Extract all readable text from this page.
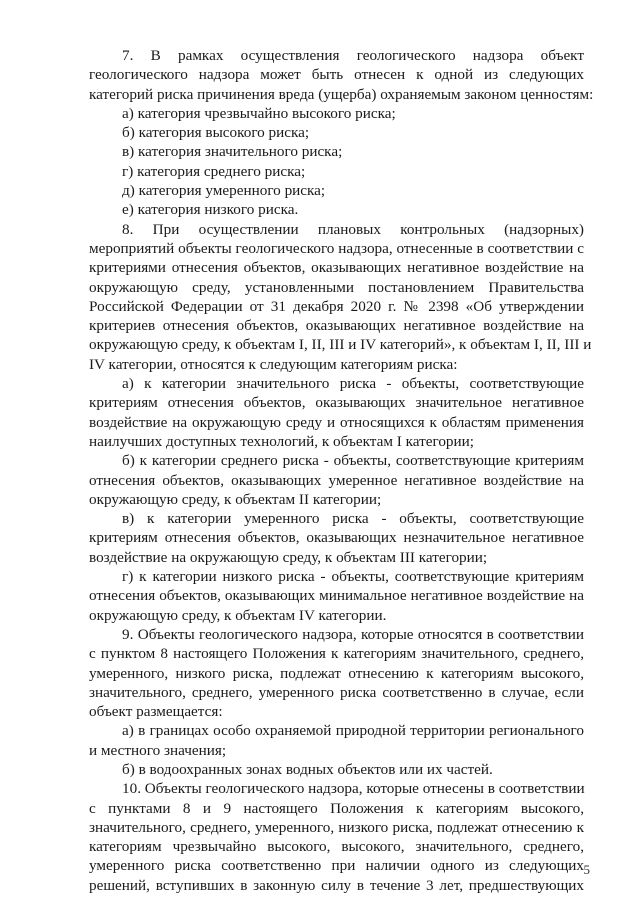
7. В рамках осуществления геологического надзора объект
геологического надзора может быть отнесен к одной из следующих
категорий риска причинения вреда (ущерба) охраняемым законом ценностям:
а) категория чрезвычайно высокого риска;
б) категория высокого риска;
в) категория значительного риска;
г) категория среднего риска;
д) категория умеренного риска;
е) категория низкого риска.
8. При осуществлении плановых контрольных (надзорных)
мероприятий объекты геологического надзора, отнесенные в соответствии с
критериями отнесения объектов, оказывающих негативное воздействие на
окружающую среду, установленными постановлением Правительства
Российской Федерации от 31 декабря 2020 г. № 2398 «Об утверждении
критериев отнесения объектов, оказывающих негативное воздействие на
окружающую среду, к объектам I, II, III и IV категорий», к объектам I, II, III и
IV категории, относятся к следующим категориям риска:
а) к категории значительного риска - объекты, соответствующие
критериям отнесения объектов, оказывающих значительное негативное
воздействие на окружающую среду и относящихся к областям применения
наилучших доступных технологий, к объектам I категории;
б) к категории среднего риска - объекты, соответствующие критериям
отнесения объектов, оказывающих умеренное негативное воздействие на
окружающую среду, к объектам II категории;
в) к категории умеренного риска - объекты, соответствующие
критериям отнесения объектов, оказывающих незначительное негативное
воздействие на окружающую среду, к объектам III категории;
г) к категории низкого риска - объекты, соответствующие критериям
отнесения объектов, оказывающих минимальное негативное воздействие на
окружающую среду, к объектам IV категории.
9. Объекты геологического надзора, которые относятся в соответствии
с пунктом 8 настоящего Положения к категориям значительного, среднего,
умеренного, низкого риска, подлежат отнесению к категориям высокого,
значительного, среднего, умеренного риска соответственно в случае, если
объект размещается:
а) в границах особо охраняемой природной территории регионального
и местного значения;
б) в водоохранных зонах водных объектов или их частей.
10. Объекты геологического надзора, которые отнесены в соответствии
с пунктами 8 и 9 настоящего Положения к категориям высокого,
значительного, среднего, умеренного, низкого риска, подлежат отнесению к
категориям чрезвычайно высокого, высокого, значительного, среднего,
умеренного риска соответственно при наличии одного из следующих
решений, вступивших в законную силу в течение 3 лет, предшествующих
5
